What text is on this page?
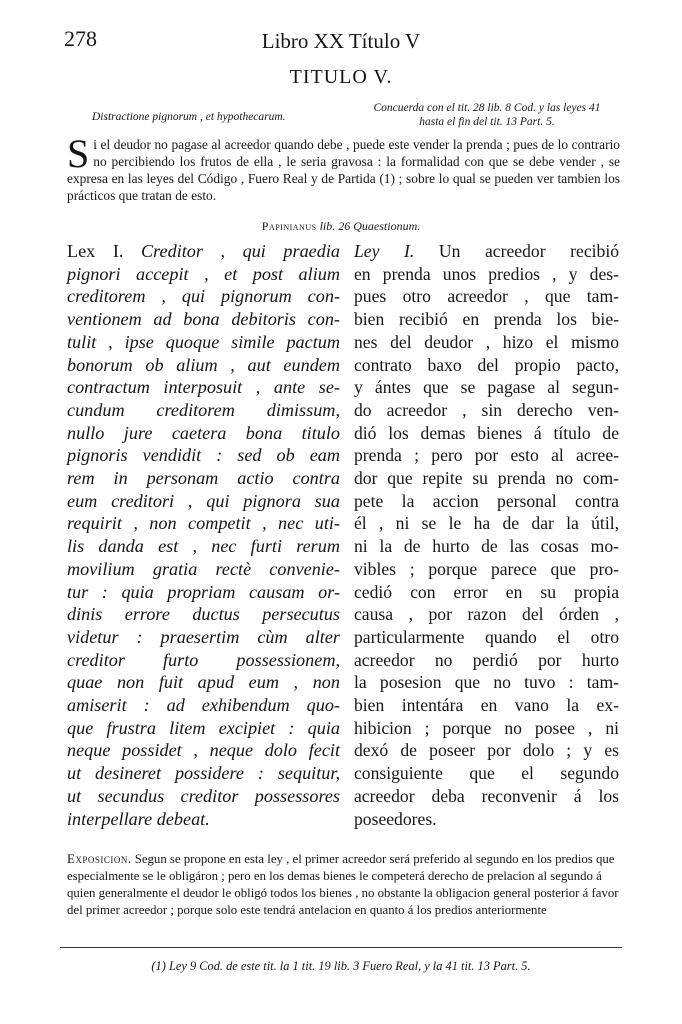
278	Libro XX Título V
TITULO V.
Distractione pignorum , et hypothecarum.
Concuerda con el tit. 28 lib. 8 Cod. y las leyes 41
hasta el fin del tit. 13 Part. 5.
Si el deudor no pagase al acreedor quando debe , puede este vender la prenda ; pues de lo contrario no percibiendo los frutos de ella , le seria gravosa : la formalidad con que se debe vender , se expresa en las leyes del Código , Fuero Real y de Partida (1) ; sobre lo qual se pueden ver tambien los prácticos que tratan de esto.
Papinianus lib. 26 Quaestionum.
Lex I. Creditor , qui praedia
pignori accepit , et post alium
creditorem , qui pignorum con-
ventionem ad bona debitoris con-
tulit , ipse quoque simile pactum
bonorum ob alium , aut eundem
contractum interposuit , ante se-
cundum creditorem dimissum,
nullo jure caetera bona titulo
pignoris vendidit : sed ob eam
rem in personam actio contra
eum creditori , qui pignora sua
requirit , non competit , nec uti-
lis danda est , nec furti rerum
movilium gratia rectè convenie-
tur : quia propriam causam or-
dinis errore ductus persecutus
videtur : praesertim cùm alter
creditor furto possessionem,
quae non fuit apud eum , non
amiserit : ad exhibendum quo-
que frustra litem excipiet : quia
neque possidet , neque dolo fecit
ut desineret possidere : sequitur,
ut secundus creditor possessores
interpellare debeat.
Ley I. Un acreedor recibió
en prenda unos predios , y des-
pues otro acreedor , que tam-
bien recibió en prenda los bie-
nes del deudor , hizo el mismo
contrato baxo del propio pacto,
y ántes que se pagase al segun-
do acreedor , sin derecho ven-
dió los demas bienes á título de
prenda ; pero por esto al acree-
dor que repite su prenda no com-
pete la accion personal contra
él , ni se le ha de dar la útil,
ni la de hurto de las cosas mo-
vibles ; porque parece que pro-
cedió con error en su propia
causa , por razon del órden ,
particularmente quando el otro
acreedor no perdió por hurto
la posesion que no tuvo : tam-
bien intentára en vano la ex-
hibicion ; porque no posee , ni
dexó de poseer por dolo ; y es
consiguiente que el segundo
acreedor deba reconvenir á los
poseedores.
Exposicion. Segun se propone en esta ley , el primer acreedor será preferido al segundo en los predios que especialmente se le obligáron ; pero en los demas bienes le competerá derecho de prelacion al segundo á quien generalmente el deudor le obligó todos los bienes , no obstante la obligacion general posterior á favor del primer acreedor ; porque solo este tendrá antelacion en quanto á los predios anteriormente
(1) Ley 9 Cod. de este tit. la 1 tit. 19 lib. 3 Fuero Real, y la 41 tit. 13 Part. 5.
